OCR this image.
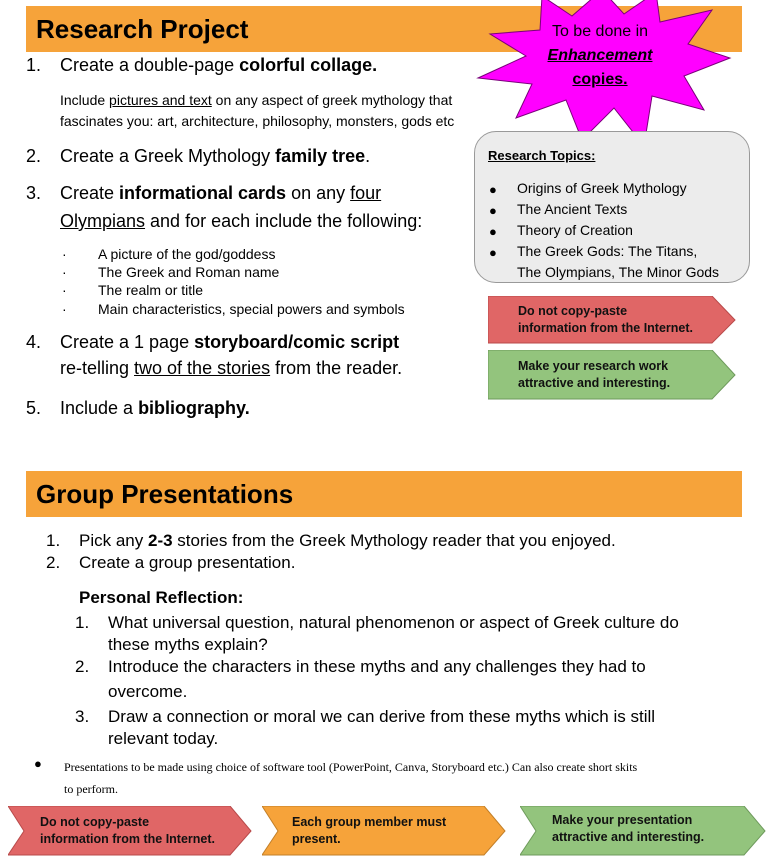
Research Project	To be done in
Enhancement
copies.
1. Create a double-page colorful collage.
Include pictures and text on any aspect of greek mythology that
fascinates you: art, architecture, philosophy, monsters, gods etc
2. Create a Greek Mythology family tree.
3. Create informational cards on any four
Olympians and for each include the following:
· A picture of the god/goddess
· The Greek and Roman name
· The realm or title
· Main characteristics, special powers and symbols
4. Create a 1 page storyboard/comic script
re-telling two of the stories from the reader.
5. Include a bibliography.
Research Topics:
● Origins of Greek Mythology
● The Ancient Texts
● Theory of Creation
● The Greek Gods: The Titans,
The Olympians, The Minor Gods
Do not copy-paste
information from the Internet.
Make your research work
attractive and interesting.
Group Presentations
1. Pick any 2-3 stories from the Greek Mythology reader that you enjoyed.
2. Create a group presentation.
Personal Reflection:
1. What universal question, natural phenomenon or aspect of Greek culture do
these myths explain?
2. Introduce the characters in these myths and any challenges they had to
overcome.
3. Draw a connection or moral we can derive from these myths which is still
relevant today.
● Presentations to be made using choice of software tool (PowerPoint, Canva, Storyboard etc.) Can also create short skits
to perform.
Do not copy-paste
information from the Internet.
Each group member must
present.
Make your presentation
attractive and interesting.
